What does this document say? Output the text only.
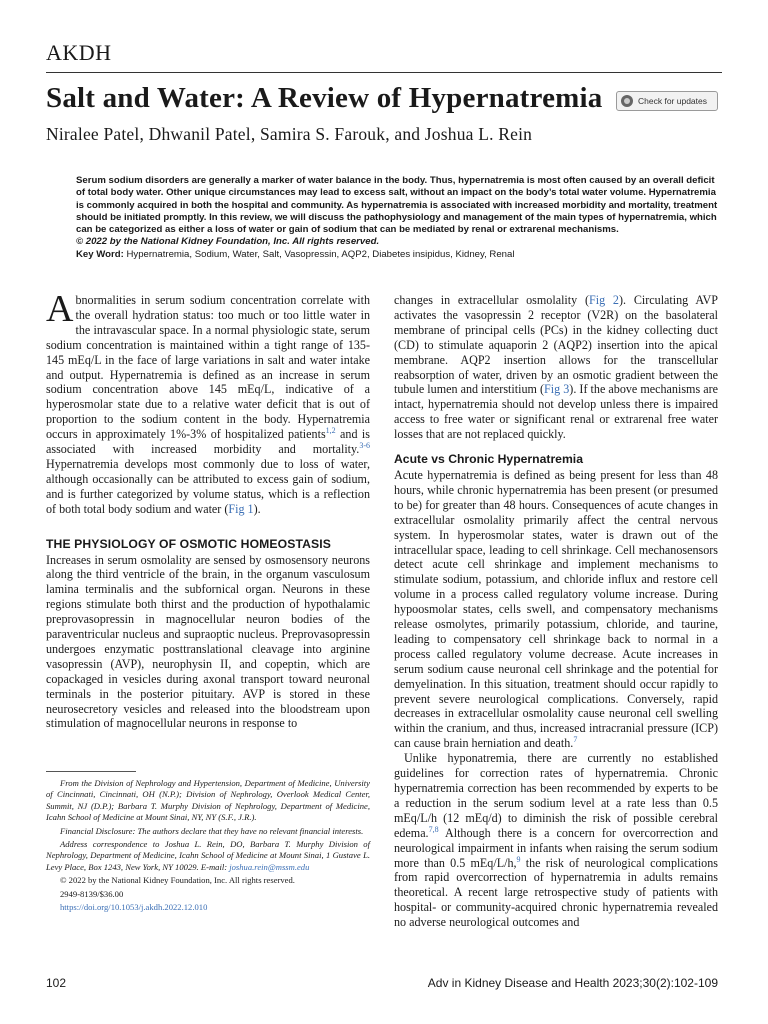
AKDH
Salt and Water: A Review of Hypernatremia	Check for updates
Niralee Patel, Dhwanil Patel, Samira S. Farouk, and Joshua L. Rein
Serum sodium disorders are generally a marker of water balance in the body. Thus, hypernatremia is most often caused by an overall deficit of total body water. Other unique circumstances may lead to excess salt, without an impact on the body’s total water volume. Hypernatremia is commonly acquired in both the hospital and community. As hypernatremia is associated with increased morbidity and mortality, treatment should be initiated promptly. In this review, we will discuss the pathophysiology and management of the main types of hypernatremia, which can be categorized as either a loss of water or gain of sodium that can be mediated by renal or extrarenal mechanisms.
© 2022 by the National Kidney Foundation, Inc. All rights reserved.
Key Word: Hypernatremia, Sodium, Water, Salt, Vasopressin, AQP2, Diabetes insipidus, Kidney, Renal

Abnormalities in serum sodium concentration correlate with the overall hydration status: too much or too little water in the intravascular space. In a normal physiologic state, serum sodium concentration is maintained within a tight range of 135-145 mEq/L in the face of large variations in salt and water intake and output. Hypernatremia is defined as an increase in serum sodium concentration above 145 mEq/L, indicative of a hyperosmolar state due to a relative water deficit that is out of proportion to the sodium content in the body. Hypernatremia occurs in approximately 1%-3% of hospitalized patients$^{1,2}$ and is associated with increased morbidity and mortality.$^{3-6}$ Hypernatremia develops most commonly due to loss of water, although occasionally can be attributed to excess gain of sodium, and is further categorized by volume status, which is a reflection of both total body sodium and water (Fig 1).

THE PHYSIOLOGY OF OSMOTIC HOMEOSTASIS

Increases in serum osmolality are sensed by osmosensory neurons along the third ventricle of the brain, in the organum vasculosum lamina terminalis and the subfornical organ. Neurons in these regions stimulate both thirst and the production of hypothalamic preprovasopressin in magnocellular neuron bodies of the paraventricular nucleus and supraoptic nucleus. Preprovasopressin undergoes enzymatic posttranslational cleavage into arginine vasopressin (AVP), neurophysin II, and copeptin, which are copackaged in vesicles during axonal transport toward neuronal terminals in the posterior pituitary. AVP is stored in these neurosecretory vesicles and released into the bloodstream upon stimulation of magnocellular neurons in response to

From the Division of Nephrology and Hypertension, Department of Medicine, University of Cincinnati, Cincinnati, OH (N.P.); Division of Nephrology, Overlook Medical Center, Summit, NJ (D.P.); Barbara T. Murphy Division of Nephrology, Department of Medicine, Icahn School of Medicine at Mount Sinai, NY, NY (S.F., J.R.).

Financial Disclosure: The authors declare that they have no relevant financial interests.

Address correspondence to Joshua L. Rein, DO, Barbara T. Murphy Division of Nephrology, Department of Medicine, Icahn School of Medicine at Mount Sinai, 1 Gustave L. Levy Place, Box 1243, New York, NY 10029. E-mail: joshua.rein@mssm.edu

© 2022 by the National Kidney Foundation, Inc. All rights reserved.

2949-8139/$36.00

https://doi.org/10.1053/j.akdh.2022.12.010

changes in extracellular osmolality (Fig 2). Circulating AVP activates the vasopressin 2 receptor (V2R) on the basolateral membrane of principal cells (PCs) in the kidney collecting duct (CD) to stimulate aquaporin 2 (AQP2) insertion into the apical membrane. AQP2 insertion allows for the transcellular reabsorption of water, driven by an osmotic gradient between the tubule lumen and interstitium (Fig 3). If the above mechanisms are intact, hypernatremia should not develop unless there is impaired access to free water or significant renal or extrarenal free water losses that are not replaced quickly.

Acute vs Chronic Hypernatremia

Acute hypernatremia is defined as being present for less than 48 hours, while chronic hypernatremia has been present (or presumed to be) for greater than 48 hours. Consequences of acute changes in extracellular osmolality primarily affect the central nervous system. In hyperosmolar states, water is drawn out of the intracellular space, leading to cell shrinkage. Cell mechanosensors detect acute cell shrinkage and implement mechanisms to stimulate sodium, potassium, and chloride influx and restore cell volume in a process called regulatory volume increase. During hypoosmolar states, cells swell, and compensatory mechanisms release osmolytes, primarily potassium, chloride, and taurine, leading to compensatory cell shrinkage back to normal in a process called regulatory volume decrease. Acute increases in serum sodium cause neuronal cell shrinkage and the potential for demyelination. In this situation, treatment should occur rapidly to prevent severe neurological complications. Conversely, rapid decreases in extracellular osmolality cause neuronal cell swelling within the cranium, and thus, increased intracranial pressure (ICP) can cause brain herniation and death.$^7$

Unlike hyponatremia, there are currently no established guidelines for correction rates of hypernatremia. Chronic hypernatremia correction has been recommended by experts to be a reduction in the serum sodium level at a rate less than 0.5 mEq/L/h (12 mEq/d) to diminish the risk of possible cerebral edema.$^{7,8}$ Although there is a concern for overcorrection and neurological impairment in infants when raising the serum sodium more than 0.5 mEq/L/h,$^9$ the risk of neurological complications from rapid overcorrection of hypernatremia in adults remains theoretical. A recent large retrospective study of patients with hospital- or community-acquired chronic hypernatremia revealed no adverse neurological outcomes and

102	Adv in Kidney Disease and Health 2023;30(2):102-109
